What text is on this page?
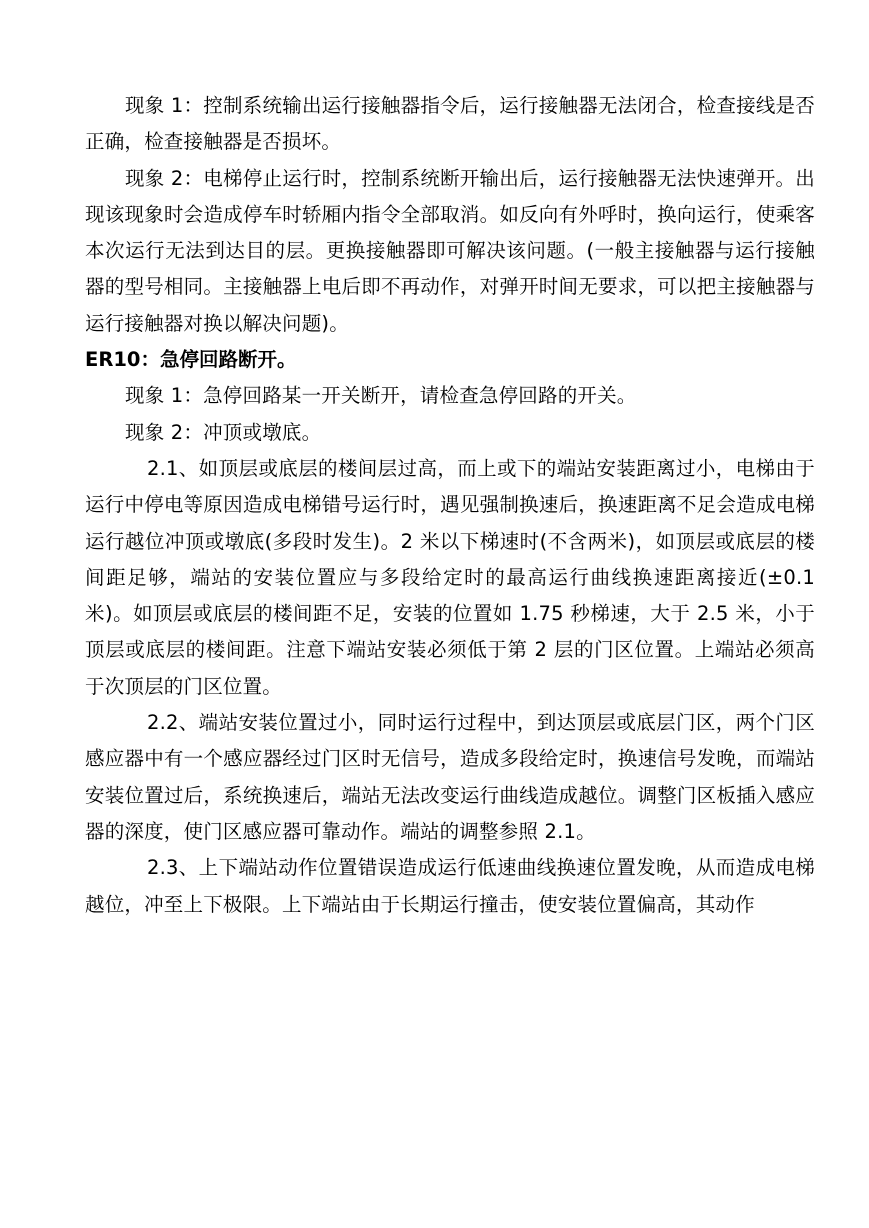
现象 1：控制系统输出运行接触器指令后，运行接触器无法闭合，检查接线是否正确，检查接触器是否损坏。

现象 2：电梯停止运行时，控制系统断开输出后，运行接触器无法快速弹开。出现该现象时会造成停车时轿厢内指令全部取消。如反向有外呼时，换向运行，使乘客本次运行无法到达目的层。更换接触器即可解决该问题。(一般主接触器与运行接触器的型号相同。主接触器上电后即不再动作，对弹开时间无要求，可以把主接触器与运行接触器对换以解决问题)。

ER10：急停回路断开。

现象 1：急停回路某一开关断开，请检查急停回路的开关。

现象 2：冲顶或墩底。

2.1、如顶层或底层的楼间层过高，而上或下的端站安装距离过小，电梯由于运行中停电等原因造成电梯错号运行时，遇见强制换速后，换速距离不足会造成电梯运行越位冲顶或墩底(多段时发生)。2 米以下梯速时(不含两米)，如顶层或底层的楼间距足够，端站的安装位置应与多段给定时的最高运行曲线换速距离接近(±0.1 米)。如顶层或底层的楼间距不足，安装的位置如 1.75 秒梯速，大于 2.5 米，小于顶层或底层的楼间距。注意下端站安装必须低于第 2 层的门区位置。上端站必须高于次顶层的门区位置。

2.2、端站安装位置过小，同时运行过程中，到达顶层或底层门区，两个门区感应器中有一个感应器经过门区时无信号，造成多段给定时，换速信号发晚，而端站安装位置过后，系统换速后，端站无法改变运行曲线造成越位。调整门区板插入感应器的深度，使门区感应器可靠动作。端站的调整参照 2.1。

2.3、上下端站动作位置错误造成运行低速曲线换速位置发晚，从而造成电梯越位，冲至上下极限。上下端站由于长期运行撞击，使安装位置偏高，其动作
